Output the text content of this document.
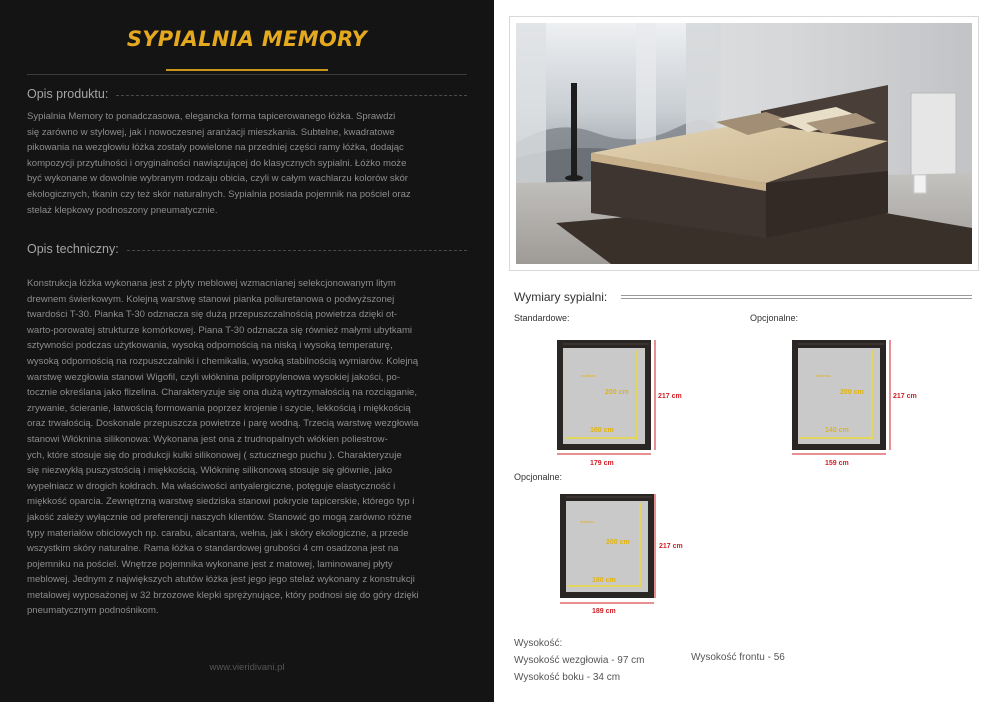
SYPIALNIA MEMORY
Opis produktu:
Sypialnia Memory to ponadczasowa, elegancka forma tapicerowanego łóżka. Sprawdzi
się zarówno w stylowej, jak i nowoczesnej aranżacji mieszkania. Subtelne, kwadratowe
pikowania na wezgłowiu łóżka zostały powielone na przedniej części ramy łóżka, dodając
kompozycji przytulności i oryginalności nawiązującej do klasycznych sypialni. Łóżko może
być wykonane w dowolnie wybranym rodzaju obicia, czyli w całym wachlarzu kolorów skór
ekologicznych, tkanin czy też skór naturalnych. Sypialnia posiada pojemnik na pościel oraz
stelaż klepkowy podnoszony pneumatycznie.
Opis techniczny:
Konstrukcja łóżka wykonana jest z płyty meblowej wzmacnianej selekcjonowanym litym
drewnem świerkowym. Kolejną warstwę stanowi pianka poliuretanowa o podwyższonej
twardości T-30. Pianka T-30 odznacza się dużą przepuszczalnością powietrza dzięki ot-
warto-porowatej strukturze komórkowej. Piana T-30 odznacza się również małymi ubytkami
sztywności podczas użytkowania, wysoką odpornością na niską i wysoką temperaturę,
wysoką odpornością na rozpuszczalniki i chemikalia, wysoką stabilnością wymiarów. Kolejną
warstwę wezgłowia stanowi Wigofil, czyli włóknina polipropylenowa wysokiej jakości, po-
tocznie określana jako flizelina. Charakteryzuje się ona dużą wytrzymałością na rozciąganie,
zrywanie, ścieranie, łatwością formowania poprzez krojenie i szycie, lekkością i miękkością
oraz trwałością. Doskonale przepuszcza powietrze i parę wodną. Trzecią warstwę wezgłowia
stanowi Włóknina silikonowa: Wykonana jest ona z trudnopalnych włókien poliestrow-
ych, które stosuje się do produkcji kulki silikonowej ( sztucznego puchu ). Charakteryzuje
się niezwykłą puszystością i miękkością. Włókninę silikonową stosuje się głównie, jako
wypełniacz w drogich kołdrach. Ma właściwości antyalergiczne, potęguje elastyczność i
miękkość oparcia. Zewnętrzną warstwę siedziska stanowi pokrycie tapicerskie, którego typ i
jakość zależy wyłącznie od preferencji naszych klientów. Stanowić go mogą zarówno różne
typy materiałów obiciowych np. carabu, alcantara, wełna, jak i skóry ekologiczne, a przede
wszystkim skóry naturalne. Rama łóżka o standardowej grubości 4 cm osadzona jest na
pojemniku na pościel. Wnętrze pojemnika wykonane jest z matowej, laminowanej płyty
meblowej. Jednym z największych atutów łóżka jest jego jego stelaż wykonany z konstrukcji
metalowej wyposażonej w 32 brzozowe klepki sprężynujące, który podnosi się do góry dzięki
pneumatycznym podnośnikom.
www.vieridivani.pl
Wymiary sypialni:
Standardowe:	Opcjonalne:
Opcjonalne:
materac
200 cm
160 cm
217 cm
179 cm
materac
200 cm
140 cm
217 cm
159 cm
materac
200 cm
180 cm
217 cm
189 cm
Wysokość:
Wysokość wezgłowia - 97 cm
Wysokość boku - 34 cm
Wysokość frontu - 56
